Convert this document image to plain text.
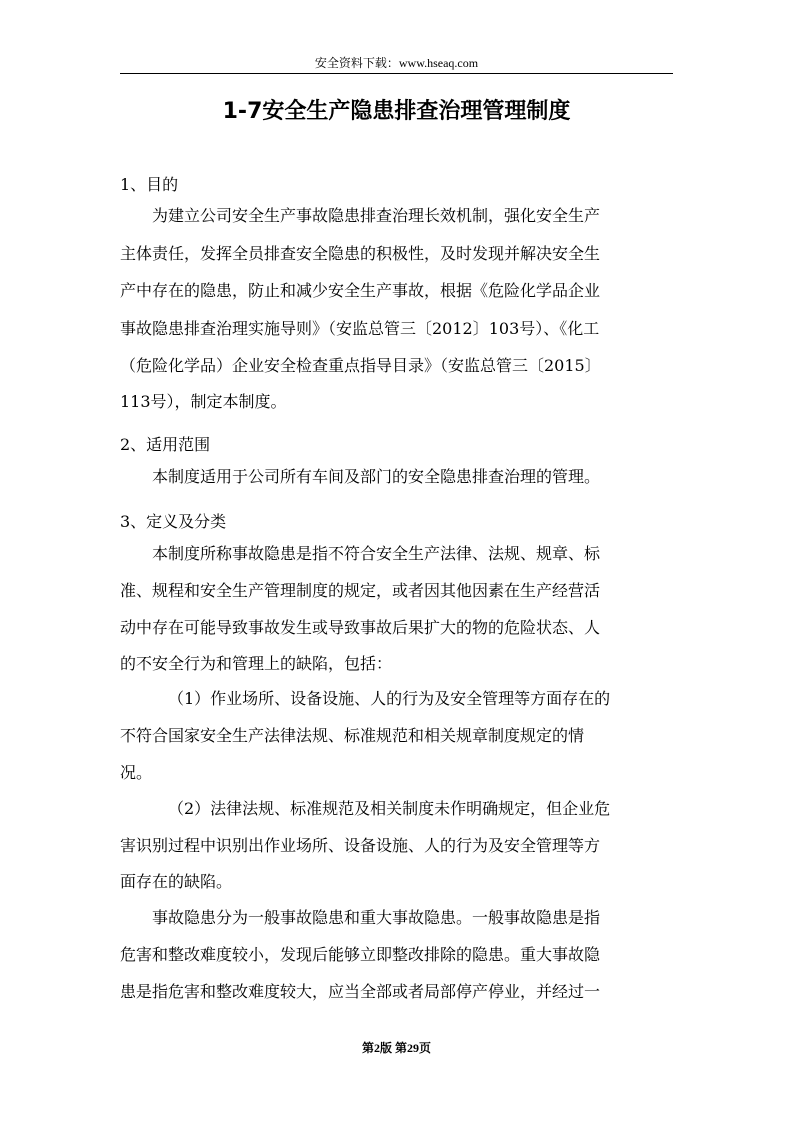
安全资料下载：www.hseaq.com
1-7安全生产隐患排查治理管理制度
1、目的
为建立公司安全生产事故隐患排查治理长效机制，强化安全生产
主体责任，发挥全员排查安全隐患的积极性，及时发现并解决安全生
产中存在的隐患，防止和减少安全生产事故，根据《危险化学品企业
事故隐患排查治理实施导则》（安监总管三〔2012〕103号）、《化工
（危险化学品）企业安全检查重点指导目录》（安监总管三〔2015〕
113号），制定本制度。
2、适用范围
本制度适用于公司所有车间及部门的安全隐患排查治理的管理。
3、定义及分类
本制度所称事故隐患是指不符合安全生产法律、法规、规章、标
准、规程和安全生产管理制度的规定，或者因其他因素在生产经营活
动中存在可能导致事故发生或导致事故后果扩大的物的危险状态、人
的不安全行为和管理上的缺陷，包括：
（1）作业场所、设备设施、人的行为及安全管理等方面存在的
不符合国家安全生产法律法规、标准规范和相关规章制度规定的情
况。
（2）法律法规、标准规范及相关制度未作明确规定，但企业危
害识别过程中识别出作业场所、设备设施、人的行为及安全管理等方
面存在的缺陷。
事故隐患分为一般事故隐患和重大事故隐患。一般事故隐患是指
危害和整改难度较小，发现后能够立即整改排除的隐患。重大事故隐
患是指危害和整改难度较大，应当全部或者局部停产停业，并经过一
第2版 第29页
